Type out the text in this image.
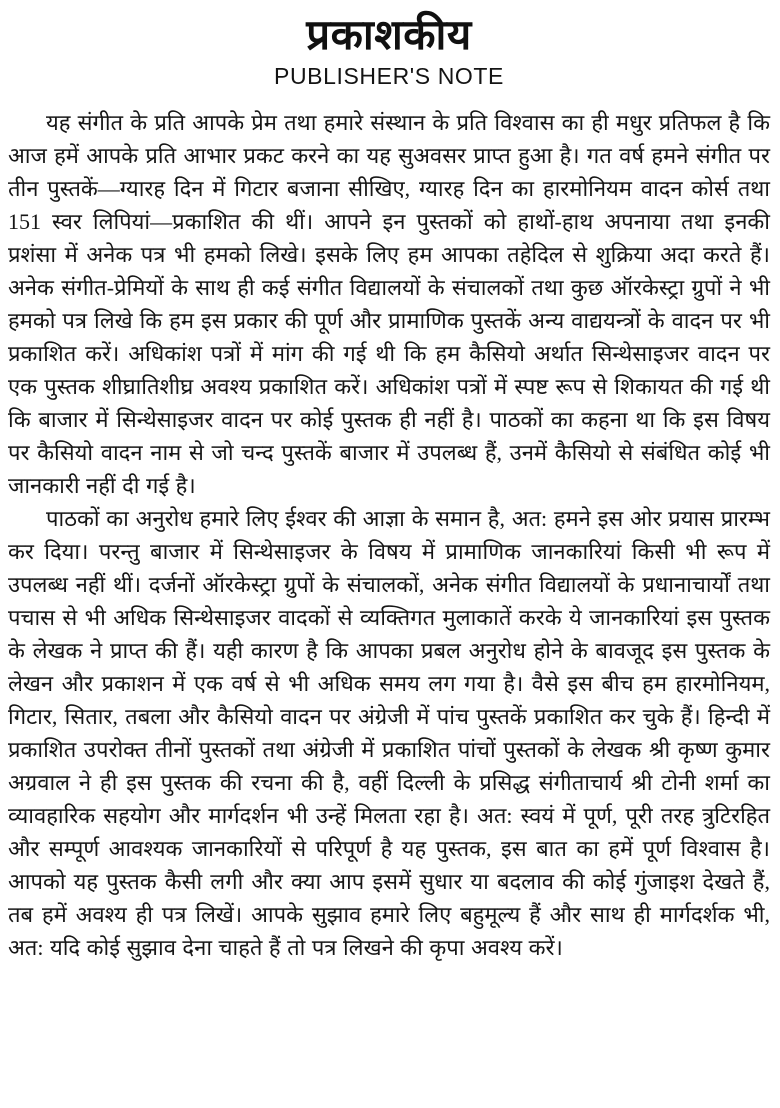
प्रकाशकीय
PUBLISHER'S NOTE

यह संगीत के प्रति आपके प्रेम तथा हमारे संस्थान के प्रति विश्वास का ही मधुर प्रतिफल है कि आज हमें आपके प्रति आभार प्रकट करने का यह सुअवसर प्राप्त हुआ है। गत वर्ष हमने संगीत पर तीन पुस्तकें—ग्यारह दिन में गिटार बजाना सीखिए, ग्यारह दिन का हारमोनियम वादन कोर्स तथा 151 स्वर लिपियां—प्रकाशित की थीं। आपने इन पुस्तकों को हाथों-हाथ अपनाया तथा इनकी प्रशंसा में अनेक पत्र भी हमको लिखे। इसके लिए हम आपका तहेदिल से शुक्रिया अदा करते हैं। अनेक संगीत-प्रेमियों के साथ ही कई संगीत विद्यालयों के संचालकों तथा कुछ ऑरकेस्ट्रा ग्रुपों ने भी हमको पत्र लिखे कि हम इस प्रकार की पूर्ण और प्रामाणिक पुस्तकें अन्य वाद्ययन्त्रों के वादन पर भी प्रकाशित करें। अधिकांश पत्रों में मांग की गई थी कि हम कैसियो अर्थात सिन्थेसाइजर वादन पर एक पुस्तक शीघ्रातिशीघ्र अवश्य प्रकाशित करें। अधिकांश पत्रों में स्पष्ट रूप से शिकायत की गई थी कि बाजार में सिन्थेसाइजर वादन पर कोई पुस्तक ही नहीं है। पाठकों का कहना था कि इस विषय पर कैसियो वादन नाम से जो चन्द पुस्तकें बाजार में उपलब्ध हैं, उनमें कैसियो से संबंधित कोई भी जानकारी नहीं दी गई है।

पाठकों का अनुरोध हमारे लिए ईश्वर की आज्ञा के समान है, अत: हमने इस ओर प्रयास प्रारम्भ कर दिया। परन्तु बाजार में सिन्थेसाइजर के विषय में प्रामाणिक जानकारियां किसी भी रूप में उपलब्ध नहीं थीं। दर्जनों ऑरकेस्ट्रा ग्रुपों के संचालकों, अनेक संगीत विद्यालयों के प्रधानाचार्यों तथा पचास से भी अधिक सिन्थेसाइजर वादकों से व्यक्तिगत मुलाकातें करके ये जानकारियां इस पुस्तक के लेखक ने प्राप्त की हैं। यही कारण है कि आपका प्रबल अनुरोध होने के बावजूद इस पुस्तक के लेखन और प्रकाशन में एक वर्ष से भी अधिक समय लग गया है। वैसे इस बीच हम हारमोनियम, गिटार, सितार, तबला और कैसियो वादन पर अंग्रेजी में पांच पुस्तकें प्रकाशित कर चुके हैं। हिन्दी में प्रकाशित उपरोक्त तीनों पुस्तकों तथा अंग्रेजी में प्रकाशित पांचों पुस्तकों के लेखक श्री कृष्ण कुमार अग्रवाल ने ही इस पुस्तक की रचना की है, वहीं दिल्ली के प्रसिद्ध संगीताचार्य श्री टोनी शर्मा का व्यावहारिक सहयोग और मार्गदर्शन भी उन्हें मिलता रहा है। अत: स्वयं में पूर्ण, पूरी तरह त्रुटिरहित और सम्पूर्ण आवश्यक जानकारियों से परिपूर्ण है यह पुस्तक, इस बात का हमें पूर्ण विश्वास है। आपको यह पुस्तक कैसी लगी और क्या आप इसमें सुधार या बदलाव की कोई गुंजाइश देखते हैं, तब हमें अवश्य ही पत्र लिखें। आपके सुझाव हमारे लिए बहुमूल्य हैं और साथ ही मार्गदर्शक भी, अत: यदि कोई सुझाव देना चाहते हैं तो पत्र लिखने की कृपा अवश्य करें।
